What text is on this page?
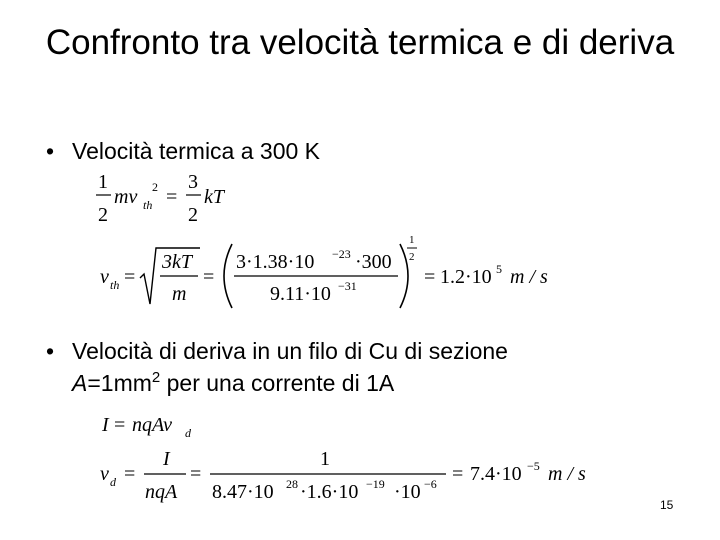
Confronto tra velocità termica e di deriva
• Velocità termica a 300 K
1
2
mv th
2 =
3
2
kT
v th =
3kT
m
=
3·1.38·10 −23 ·300
9.11·10 −31
1
2
= 1.2·10 5 m / s
I = nqAv d
v d =
I
nqA
=
1
8.47·10 28 ·1.6·10 −19 ·10 −6 = 7.4·10 −5 m / s
• Velocità di deriva in un filo di Cu di sezione
$A=1mm^2$ per una corrente di 1A
15
